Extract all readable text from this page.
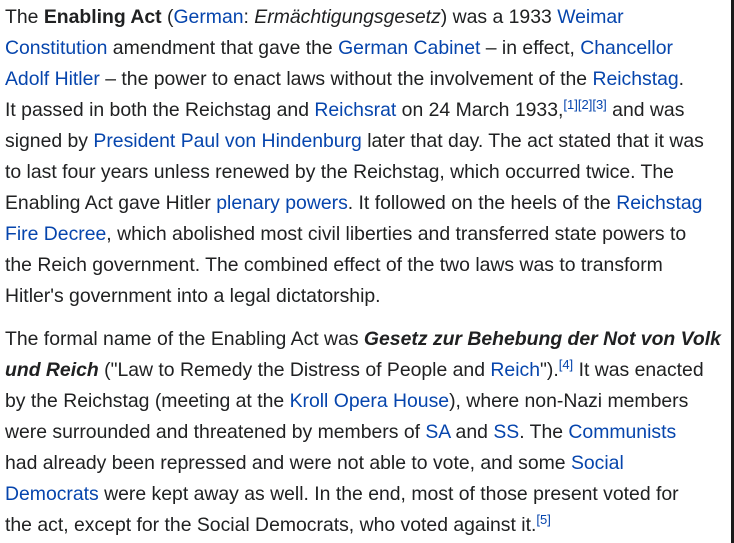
The Enabling Act (German: Ermächtigungsgesetz) was a 1933 Weimar
Constitution amendment that gave the German Cabinet – in effect, Chancellor
Adolf Hitler – the power to enact laws without the involvement of the Reichstag.
It passed in both the Reichstag and Reichsrat on 24 March 1933,[1][2][3] and was
signed by President Paul von Hindenburg later that day. The act stated that it was
to last four years unless renewed by the Reichstag, which occurred twice. The
Enabling Act gave Hitler plenary powers. It followed on the heels of the Reichstag
Fire Decree, which abolished most civil liberties and transferred state powers to
the Reich government. The combined effect of the two laws was to transform
Hitler's government into a legal dictatorship.
The formal name of the Enabling Act was Gesetz zur Behebung der Not von Volk
und Reich ("Law to Remedy the Distress of People and Reich").[4] It was enacted
by the Reichstag (meeting at the Kroll Opera House), where non-Nazi members
were surrounded and threatened by members of SA and SS. The Communists
had already been repressed and were not able to vote, and some Social
Democrats were kept away as well. In the end, most of those present voted for
the act, except for the Social Democrats, who voted against it.[5]
